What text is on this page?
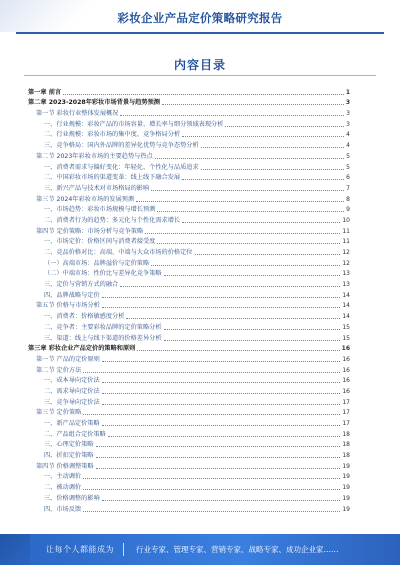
彩妆企业产品定价策略研究报告
内容目录
第一章 前言	1
第二章 2023-2028年彩妆市场背景与趋势预测	3
第一节 彩妆行业整体发展概况	3
一、行业规模：彩妆产品的市场容量、增长率与细分领域表现分析	3
二、行业规模：彩妆市场的集中度、竞争格局分析	4
三、竞争格局：国内外品牌的差异化优势与竞争态势分析	4
第二节 2023年彩妆市场的主要趋势与热点	5
一、消费者需求与偏好变化：年轻化、个性化与品质追求	5
二、中国彩妆市场的渠道变革：线上线下融合发展	6
三、新兴产品与技术对市场格局的影响	7
第三节 2024年彩妆市场的发展预测	8
一、市场趋势：彩妆市场规模与增长预测	9
二、消费者行为的趋势：多元化与个性化需求增长	10
第四节 定价策略：市场分析与竞争策略	11
一、市场定价：价格区间与消费者接受度	11
二、竞品价格对比：高端、中端与大众市场的价格定位	12
（一）高端市场：品牌溢价与定价策略	12
（二）中端市场：性价比与差异化竞争策略	13
三、定价与营销方式的融合	13
四、品牌战略与定价	14
第五节 价格与市场分析	14
一、消费者：价格敏感度分析	14
二、竞争者：主要彩妆品牌的定价策略分析	15
三、渠道：线上与线下渠道的价格差异分析	15
第三章 彩妆企业产品定价的策略和原则	16
第一节 产品的定价原则	16
第二节 定价方法	16
一、成本导向定价法	16
二、需求导向定价法	16
三、竞争导向定价法	17
第三节 定价策略	17
一、新产品定价策略	17
二、产品组合定价策略	18
三、心理定价策略	18
四、折扣定价策略	18
第四节 价格调整策略	19
一、主动调价	19
二、被动调价	19
三、价格调整的影响	19
四、市场反馈	19
让每个人都能成为	行业专家、管理专家、营销专家、战略专家、成功企业家……
